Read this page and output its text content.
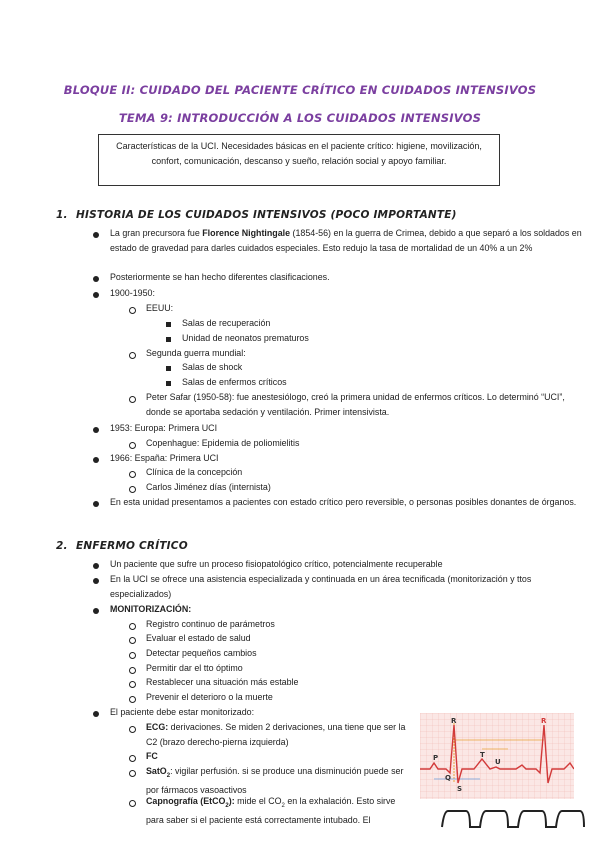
BLOQUE II: CUIDADO DEL PACIENTE CRÍTICO EN CUIDADOS INTENSIVOS
TEMA 9: INTRODUCCIÓN A LOS CUIDADOS INTENSIVOS
Características de la UCI. Necesidades básicas en el paciente crítico: higiene, movilización, confort, comunicación, descanso y sueño, relación social y apoyo familiar.
1. HISTORIA DE LOS CUIDADOS INTENSIVOS (POCO IMPORTANTE)
La gran precursora fue Florence Nightingale (1854-56) en la guerra de Crimea, debido a que separó a los soldados en estado de gravedad para darles cuidados especiales. Esto redujo la tasa de mortalidad de un 40% a un 2%
Posteriormente se han hecho diferentes clasificaciones.
1900-1950:
EEUU:
Salas de recuperación
Unidad de neonatos prematuros
Segunda guerra mundial:
Salas de shock
Salas de enfermos críticos
Peter Safar (1950-58): fue anestesiólogo, creó la primera unidad de enfermos críticos. Lo determinó “UCI”, donde se aportaba sedación y ventilación. Primer intensivista.
1953: Europa: Primera UCI
Copenhague: Epidemia de poliomielitis
1966: España: Primera UCI
Clínica de la concepción
Carlos Jiménez días (internista)
En esta unidad presentamos a pacientes con estado crítico pero reversible, o personas posibles donantes de órganos.
2. ENFERMO CRÍTICO
Un paciente que sufre un proceso fisiopatológico crítico, potencialmente recuperable
En la UCI se ofrece una asistencia especializada y continuada en un área tecnificada (monitorización y ttos especializados)
MONITORIZACIÓN:
Registro continuo de parámetros
Evaluar el estado de salud
Detectar pequeños cambios
Permitir dar el tto óptimo
Restablecer una situación más estable
Prevenir el deterioro o la muerte
El paciente debe estar monitorizado:
ECG: derivaciones. Se miden 2 derivaciones, una tiene que ser la C2 (brazo derecho-pierna izquierda)
FC
SatO$_2$: vigilar perfusión. si se produce una disminución puede ser por fármacos vasoactivos
Capnografía (EtCO$_2$): mide el $CO_2$ en la exhalación. Esto sirve para saber si el paciente está correctamente intubado. El
R	R
P	T
U
Q
S
